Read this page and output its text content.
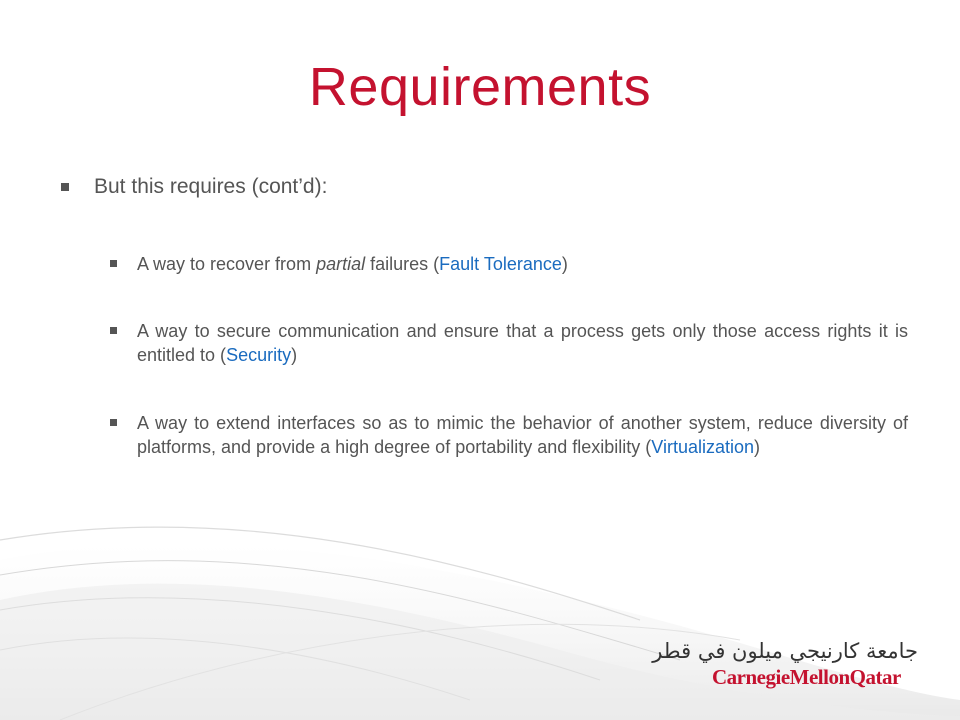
Requirements
But this requires (cont’d):
A way to recover from partial failures (Fault Tolerance)
A way to secure communication and ensure that a process gets only those access rights it is entitled to (Security)
A way to extend interfaces so as to mimic the behavior of another system, reduce diversity of platforms, and provide a high degree of portability and flexibility (Virtualization)
جامعة كارنيجي ميلون في قطر
CarnegieMellonQatar
